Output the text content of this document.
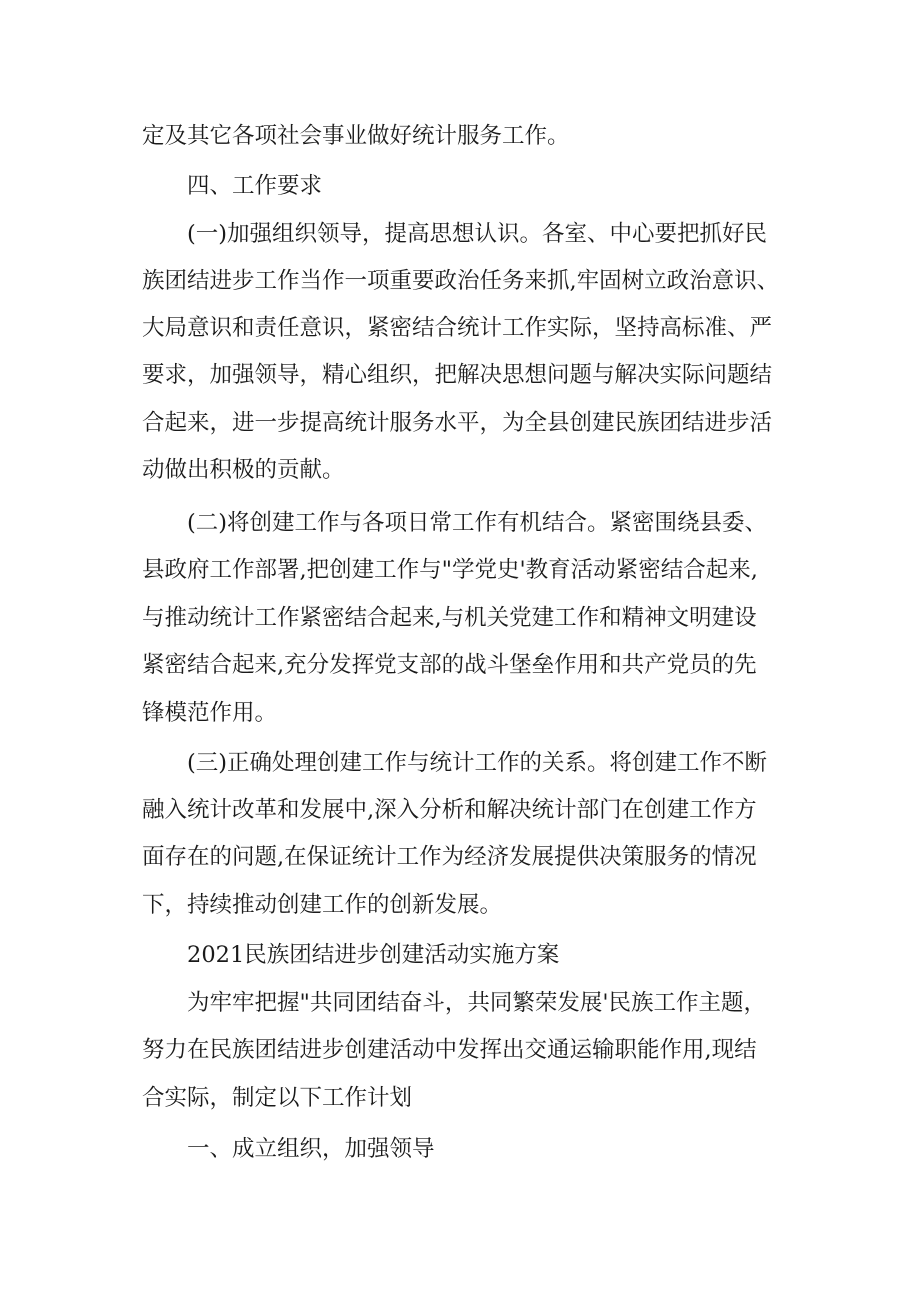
定及其它各项社会事业做好统计服务工作。

四、工作要求

(一)加强组织领导，提高思想认识。各室、中心要把抓好民

族团结进步工作当作一项重要政治任务来抓,牢固树立政治意识、

大局意识和责任意识，紧密结合统计工作实际，坚持高标准、严

要求，加强领导，精心组织，把解决思想问题与解决实际问题结

合起来，进一步提高统计服务水平，为全县创建民族团结进步活

动做出积极的贡献。

(二)将创建工作与各项日常工作有机结合。紧密围绕县委、

县政府工作部署,把创建工作与"学党史'教育活动紧密结合起来,

与推动统计工作紧密结合起来,与机关党建工作和精神文明建设

紧密结合起来,充分发挥党支部的战斗堡垒作用和共产党员的先

锋模范作用。

(三)正确处理创建工作与统计工作的关系。将创建工作不断

融入统计改革和发展中,深入分析和解决统计部门在创建工作方

面存在的问题,在保证统计工作为经济发展提供决策服务的情况

下，持续推动创建工作的创新发展。

2021民族团结进步创建活动实施方案

为牢牢把握"共同团结奋斗，共同繁荣发展'民族工作主题，

努力在民族团结进步创建活动中发挥出交通运输职能作用,现结

合实际，制定以下工作计划

一、成立组织，加强领导
